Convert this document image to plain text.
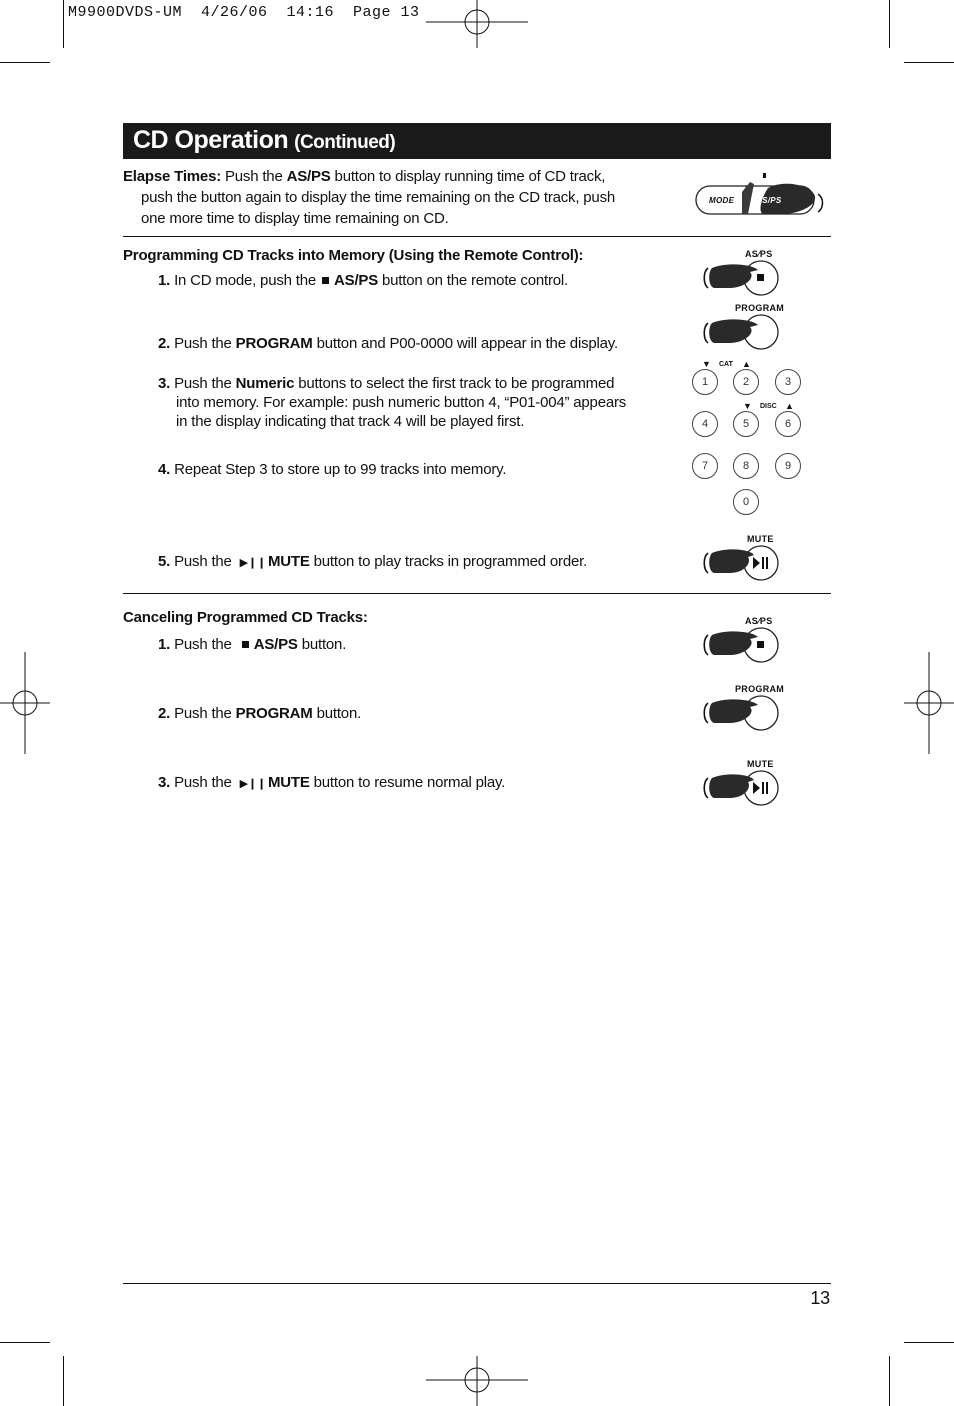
M9900DVDS-UM  4/26/06  14:16  Page 13
CD Operation (Continued)
Elapse Times: Push the AS/PS button to display running time of CD track,
push the button again to display the time remaining on the CD track, push
one more time to display time remaining on CD.
MODE	AS/PS
Programming CD Tracks into Memory (Using the Remote Control):
1. In CD mode, push the AS/PS button on the remote control.
2. Push the PROGRAM button and P00-0000 will appear in the display.
3. Push the Numeric buttons to select the first track to be programmed
into memory. For example: push numeric button 4, “P01-004” appears
in the display indicating that track 4 will be played first.
4. Repeat Step 3 to store up to 99 tracks into memory.
5. Push the ▶❙❙ MUTE button to play tracks in programmed order.
AS∕PS
PROGRAM
▼ CAT ▲
▼ DISC ▲
1	2	3
4	5	6
7	8	9
0
MUTE
Canceling Programmed CD Tracks:
1. Push the AS/PS button.
2. Push the PROGRAM button.
3. Push the ▶❙❙ MUTE button to resume normal play.
AS∕PS
PROGRAM
MUTE
13
